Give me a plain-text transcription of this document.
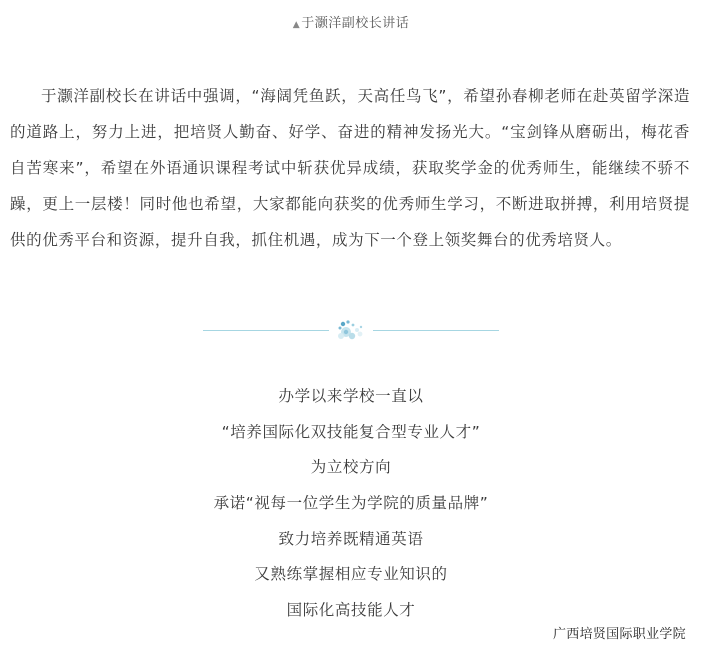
▲于灏洋副校长讲话

于灏洋副校长在讲话中强调，“海阔凭鱼跃，天高任鸟飞”，希望孙春柳老师在赴英留学深造的道路上，努力上进，把培贤人勤奋、好学、奋进的精神发扬光大。“宝剑锋从磨砺出，梅花香自苦寒来”，希望在外语通识课程考试中斩获优异成绩，获取奖学金的优秀师生，能继续不骄不躁，更上一层楼！同时他也希望，大家都能向获奖的优秀师生学习，不断进取拼搏，利用培贤提供的优秀平台和资源，提升自我，抓住机遇，成为下一个登上领奖舞台的优秀培贤人。

办学以来学校一直以
“培养国际化双技能复合型专业人才”
为立校方向
承诺“视每一位学生为学院的质量品牌”
致力培养既精通英语
又熟练掌握相应专业知识的
国际化高技能人才
广西培贤国际职业学院
